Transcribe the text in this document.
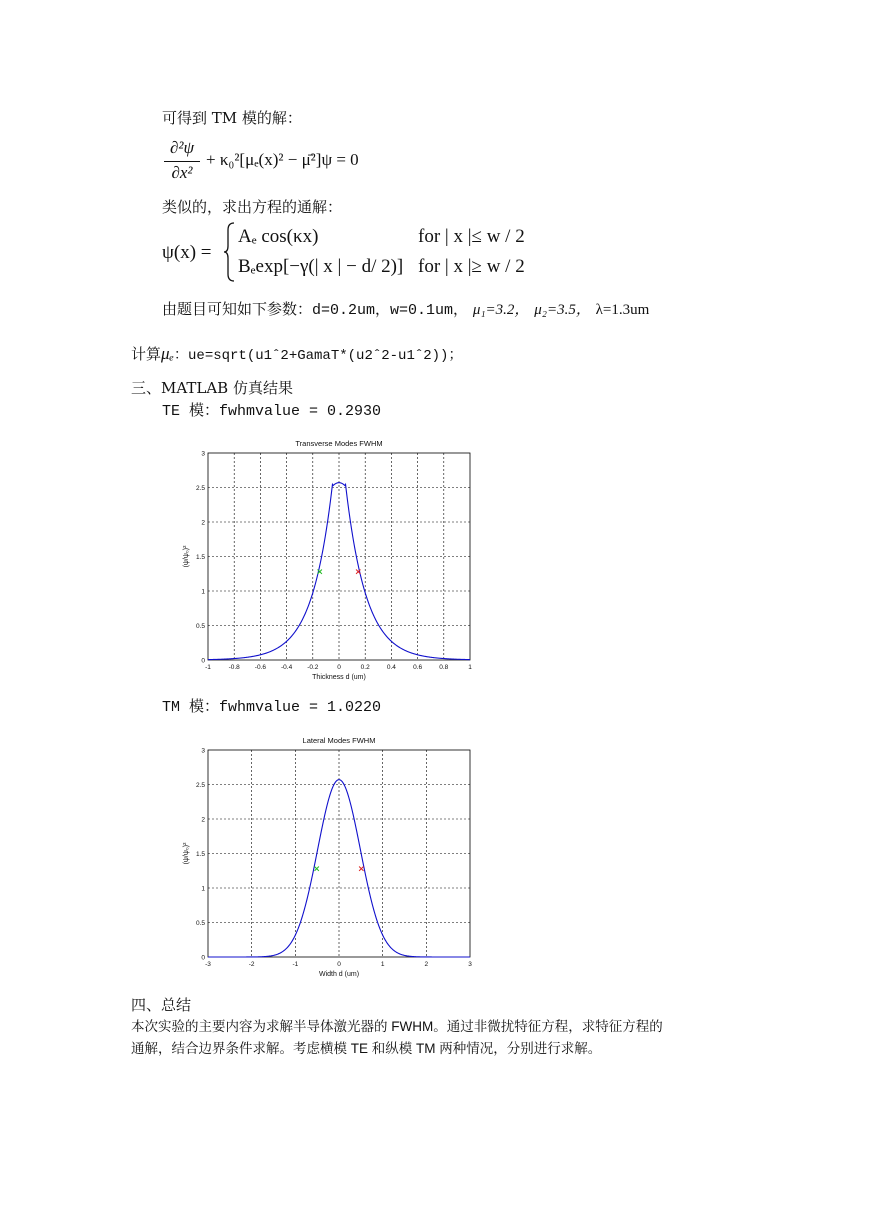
可得到 TM 模的解：
∂²ψ
∂x²
+ κ₀²[μₑ(x)² − μ̄²]ψ = 0
类似的，求出方程的通解：
ψ(x) =
Aₑ cos(κx)	for | x |≤ w / 2
Bₑexp[−γ(| x | − d/ 2)] for | x |≥ w / 2
由题目可知如下参数：d=0.2um，w=0.1um， μ₁=3.2， μ₂=3.5， λ=1.3um
计算μₑ：ue=sqrt(u1ˆ2+GamaT*(u2ˆ2-u1ˆ2))；
三、MATLAB 仿真结果
TE 模：fwhmvalue = 0.2930
Transverse Modes FWHM
-1	-0.8 -0.6 -0.4 -0.2	0	0.2	0.4	0.6	0.8	1
0
0.5
1
1.5
2
2.5
3
Thickness d (um)
(ψ/ψ₀)²
TM 模：fwhmvalue = 1.0220
Lateral Modes FWHM
-3	-2	-1	0	1	2	3
0
0.5
1
1.5
2
2.5
3
Width d (um)
(ψ/ψ₀)²
四、总结
本次实验的主要内容为求解半导体激光器的 FWHM。通过非微扰特征方程，求特征方程的
通解，结合边界条件求解。考虑横模 TE 和纵模 TM 两种情况，分别进行求解。
